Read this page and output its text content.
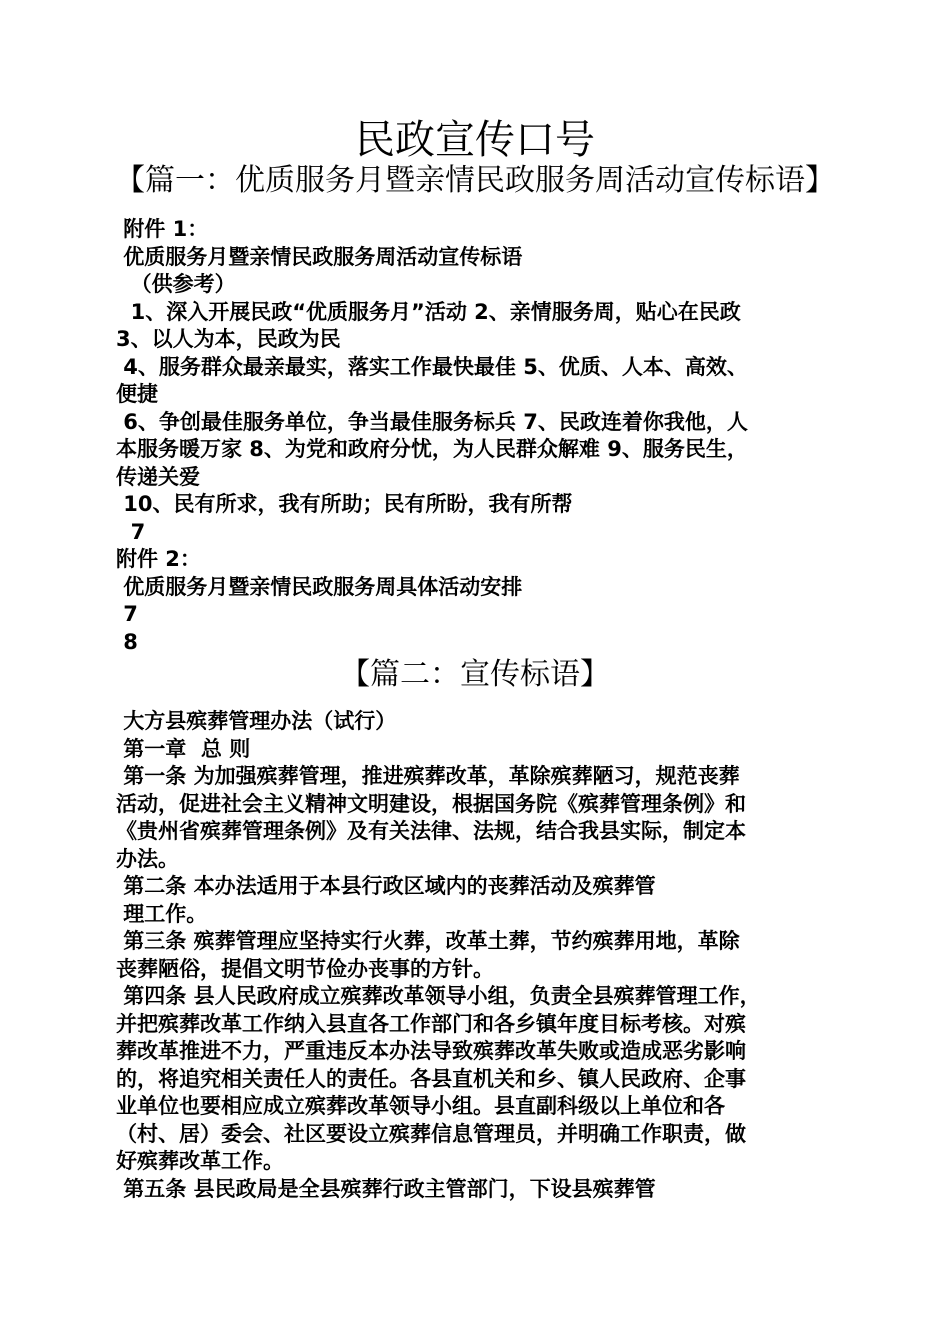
民政宣传口号
【篇一：优质服务月暨亲情民政服务周活动宣传标语】
附件 1：
优质服务月暨亲情民政服务周活动宣传标语
（供参考）
1、深入开展民政“优质服务月”活动 2、亲情服务周，贴心在民政
3、以人为本，民政为民
4、服务群众最亲最实，落实工作最快最佳 5、优质、人本、高效、
便捷
6、争创最佳服务单位，争当最佳服务标兵 7、民政连着你我他，人
本服务暖万家 8、为党和政府分忧，为人民群众解难 9、服务民生，
传递关爱
10、民有所求，我有所助；民有所盼，我有所帮
7
附件 2：
优质服务月暨亲情民政服务周具体活动安排
7
8
【篇二：宣传标语】
大方县殡葬管理办法（试行）
第一章  总 则
第一条 为加强殡葬管理，推进殡葬改革，革除殡葬陋习，规范丧葬
活动，促进社会主义精神文明建设，根据国务院《殡葬管理条例》和
《贵州省殡葬管理条例》及有关法律、法规，结合我县实际，制定本
办法。
第二条 本办法适用于本县行政区域内的丧葬活动及殡葬管
理工作。
第三条 殡葬管理应坚持实行火葬，改革土葬，节约殡葬用地，革除
丧葬陋俗，提倡文明节俭办丧事的方针。
第四条 县人民政府成立殡葬改革领导小组，负责全县殡葬管理工作，
并把殡葬改革工作纳入县直各工作部门和各乡镇年度目标考核。对殡
葬改革推进不力，严重违反本办法导致殡葬改革失败或造成恶劣影响
的，将追究相关责任人的责任。各县直机关和乡、镇人民政府、企事
业单位也要相应成立殡葬改革领导小组。县直副科级以上单位和各
（村、居）委会、社区要设立殡葬信息管理员，并明确工作职责，做
好殡葬改革工作。
第五条 县民政局是全县殡葬行政主管部门，下设县殡葬管
